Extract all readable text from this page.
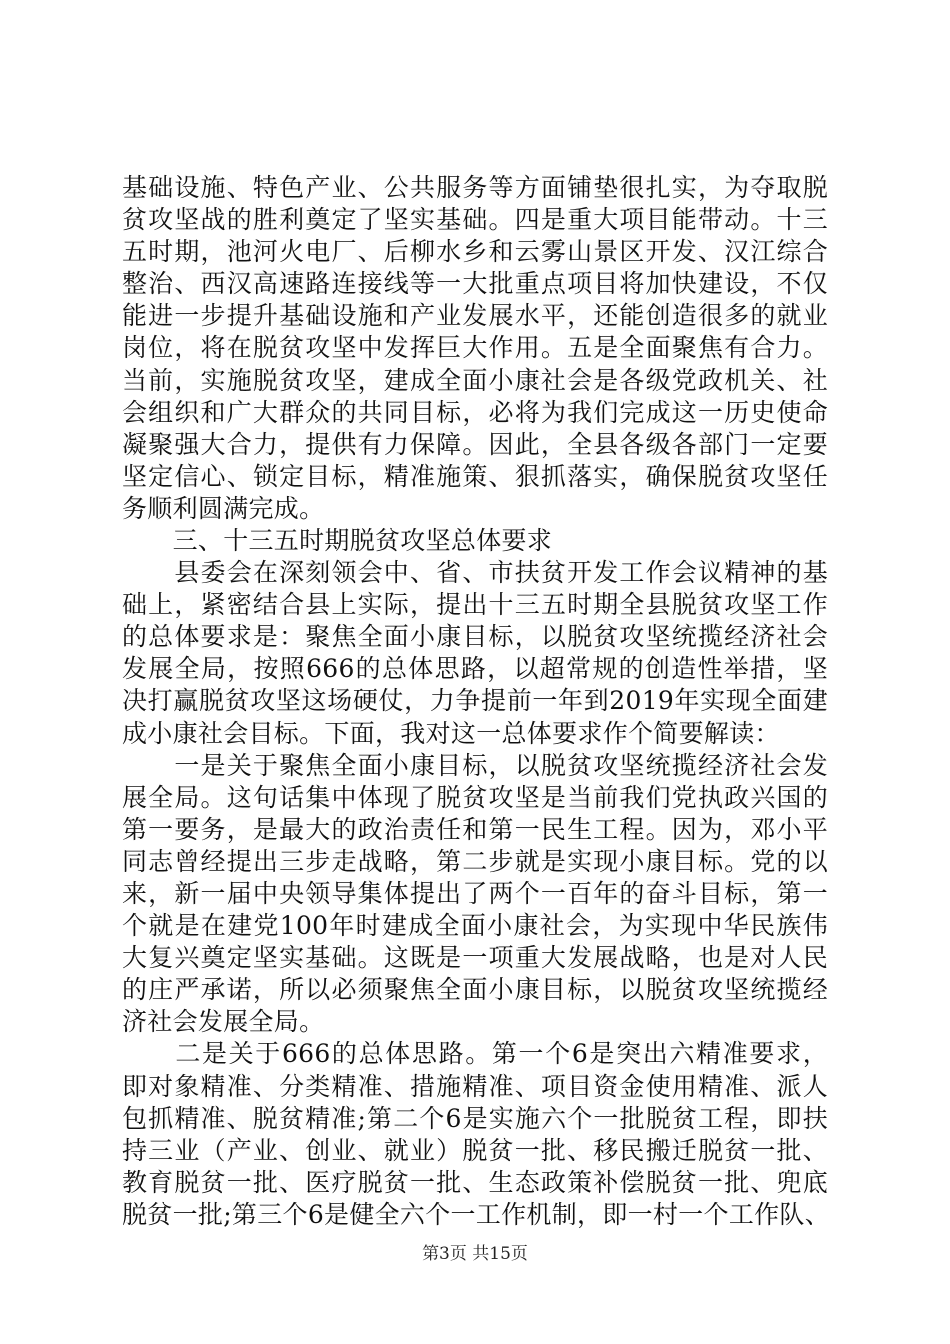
基础设施、特色产业、公共服务等方面铺垫很扎实，为夺取脱
贫攻坚战的胜利奠定了坚实基础。四是重大项目能带动。十三
五时期，池河火电厂、后柳水乡和云雾山景区开发、汉江综合
整治、西汉高速路连接线等一大批重点项目将加快建设，不仅
能进一步提升基础设施和产业发展水平，还能创造很多的就业
岗位，将在脱贫攻坚中发挥巨大作用。五是全面聚焦有合力。
当前，实施脱贫攻坚，建成全面小康社会是各级党政机关、社
会组织和广大群众的共同目标，必将为我们完成这一历史使命
凝聚强大合力，提供有力保障。因此，全县各级各部门一定要
坚定信心、锁定目标，精准施策、狠抓落实，确保脱贫攻坚任
务顺利圆满完成。
　　三、十三五时期脱贫攻坚总体要求
　　县委会在深刻领会中、省、市扶贫开发工作会议精神的基
础上，紧密结合县上实际，提出十三五时期全县脱贫攻坚工作
的总体要求是：聚焦全面小康目标，以脱贫攻坚统揽经济社会
发展全局，按照666的总体思路，以超常规的创造性举措，坚
决打赢脱贫攻坚这场硬仗，力争提前一年到2019年实现全面建
成小康社会目标。下面，我对这一总体要求作个简要解读：
　　一是关于聚焦全面小康目标，以脱贫攻坚统揽经济社会发
展全局。这句话集中体现了脱贫攻坚是当前我们党执政兴国的
第一要务，是最大的政治责任和第一民生工程。因为，邓小平
同志曾经提出三步走战略，第二步就是实现小康目标。党的以
来，新一届中央领导集体提出了两个一百年的奋斗目标，第一
个就是在建党100年时建成全面小康社会，为实现中华民族伟
大复兴奠定坚实基础。这既是一项重大发展战略，也是对人民
的庄严承诺，所以必须聚焦全面小康目标，以脱贫攻坚统揽经
济社会发展全局。
　　二是关于666的总体思路。第一个6是突出六精准要求，
即对象精准、分类精准、措施精准、项目资金使用精准、派人
包抓精准、脱贫精准;第二个6是实施六个一批脱贫工程，即扶
持三业（产业、创业、就业）脱贫一批、移民搬迁脱贫一批、
教育脱贫一批、医疗脱贫一批、生态政策补偿脱贫一批、兜底
脱贫一批;第三个6是健全六个一工作机制，即一村一个工作队、
第3页 共15页
